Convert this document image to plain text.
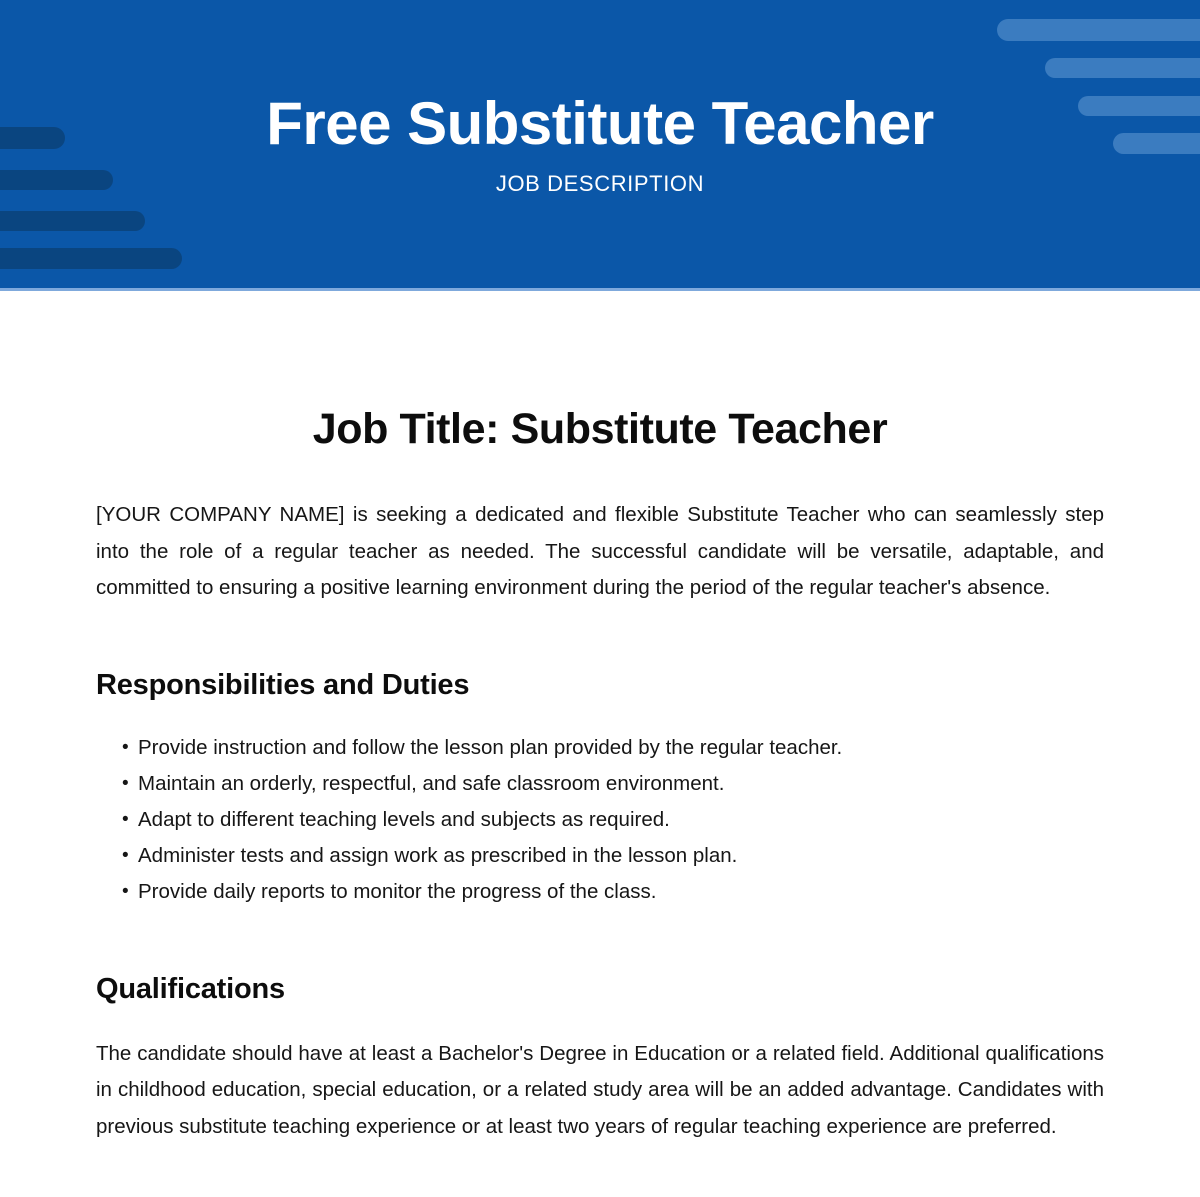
Free Substitute Teacher
JOB DESCRIPTION
Job Title: Substitute Teacher

[YOUR COMPANY NAME] is seeking a dedicated and flexible Substitute Teacher who can seamlessly step into the role of a regular teacher as needed. The successful candidate will be versatile, adaptable, and committed to ensuring a positive learning environment during the period of the regular teacher's absence.

Responsibilities and Duties
• Provide instruction and follow the lesson plan provided by the regular teacher.
• Maintain an orderly, respectful, and safe classroom environment.
• Adapt to different teaching levels and subjects as required.
• Administer tests and assign work as prescribed in the lesson plan.
• Provide daily reports to monitor the progress of the class.
Qualifications

The candidate should have at least a Bachelor's Degree in Education or a related field. Additional qualifications in childhood education, special education, or a related study area will be an added advantage. Candidates with previous substitute teaching experience or at least two years of regular teaching experience are preferred.
